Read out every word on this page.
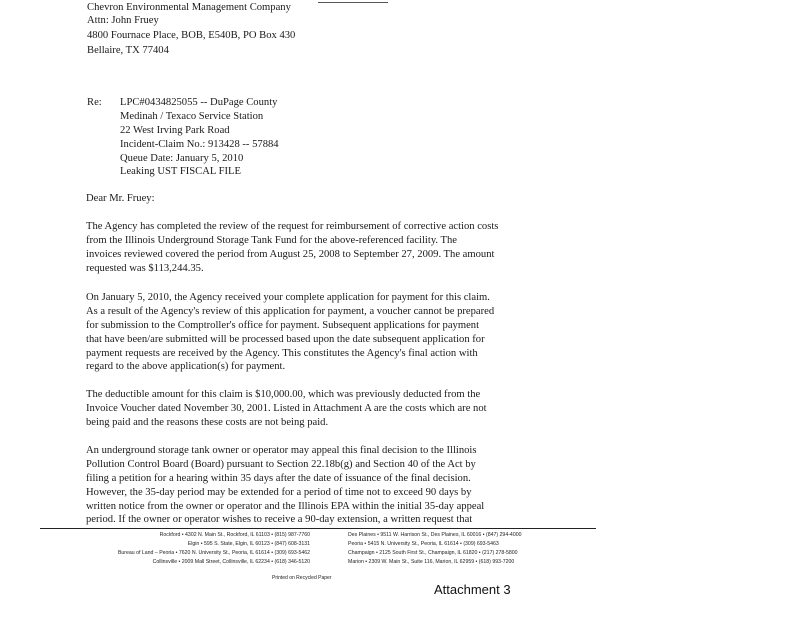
Chevron Environmental Management Company
Attn: John Fruey
4800 Fournace Place, BOB, E540B, PO Box 430
Bellaire, TX 77404
Re: LPC#0434825055 -- DuPage County
Medinah / Texaco Service Station
22 West Irving Park Road
Incident-Claim No.: 913428 -- 57884
Queue Date: January 5, 2010
Leaking UST FISCAL FILE
Dear Mr. Fruey:
The Agency has completed the review of the request for reimbursement of corrective action costs
from the Illinois Underground Storage Tank Fund for the above-referenced facility. The
invoices reviewed covered the period from August 25, 2008 to September 27, 2009. The amount
requested was $113,244.35.
On January 5, 2010, the Agency received your complete application for payment for this claim.
As a result of the Agency's review of this application for payment, a voucher cannot be prepared
for submission to the Comptroller's office for payment. Subsequent applications for payment
that have been/are submitted will be processed based upon the date subsequent application for
payment requests are received by the Agency. This constitutes the Agency's final action with
regard to the above application(s) for payment.
The deductible amount for this claim is $10,000.00, which was previously deducted from the
Invoice Voucher dated November 30, 2001. Listed in Attachment A are the costs which are not
being paid and the reasons these costs are not being paid.
An underground storage tank owner or operator may appeal this final decision to the Illinois
Pollution Control Board (Board) pursuant to Section 22.18b(g) and Section 40 of the Act by
filing a petition for a hearing within 35 days after the date of issuance of the final decision.
However, the 35-day period may be extended for a period of time not to exceed 90 days by
written notice from the owner or operator and the Illinois EPA within the initial 35-day appeal
period. If the owner or operator wishes to receive a 90-day extension, a written request that
Rockford • 4302 N. Main St., Rockford, IL 61103 • (815) 987-7760
Elgin • 595 S. State, Elgin, IL 60123 • (847) 608-3131
Bureau of Land – Peoria • 7620 N. University St., Peoria, IL 61614 • (309) 693-5462
Collinsville • 2009 Mall Street, Collinsville, IL 62234 • (618) 346-5120
Des Plaines • 9511 W. Harrison St., Des Plaines, IL 60016 • (847) 294-4000
Peoria • 5415 N. University St., Peoria, IL 61614 • (309) 693-5463
Champaign • 2125 South First St., Champaign, IL 61820 • (217) 278-5800
Marion • 2309 W. Main St., Suite 116, Marion, IL 62959 • (618) 993-7200
Printed on Recycled Paper
Attachment 3
